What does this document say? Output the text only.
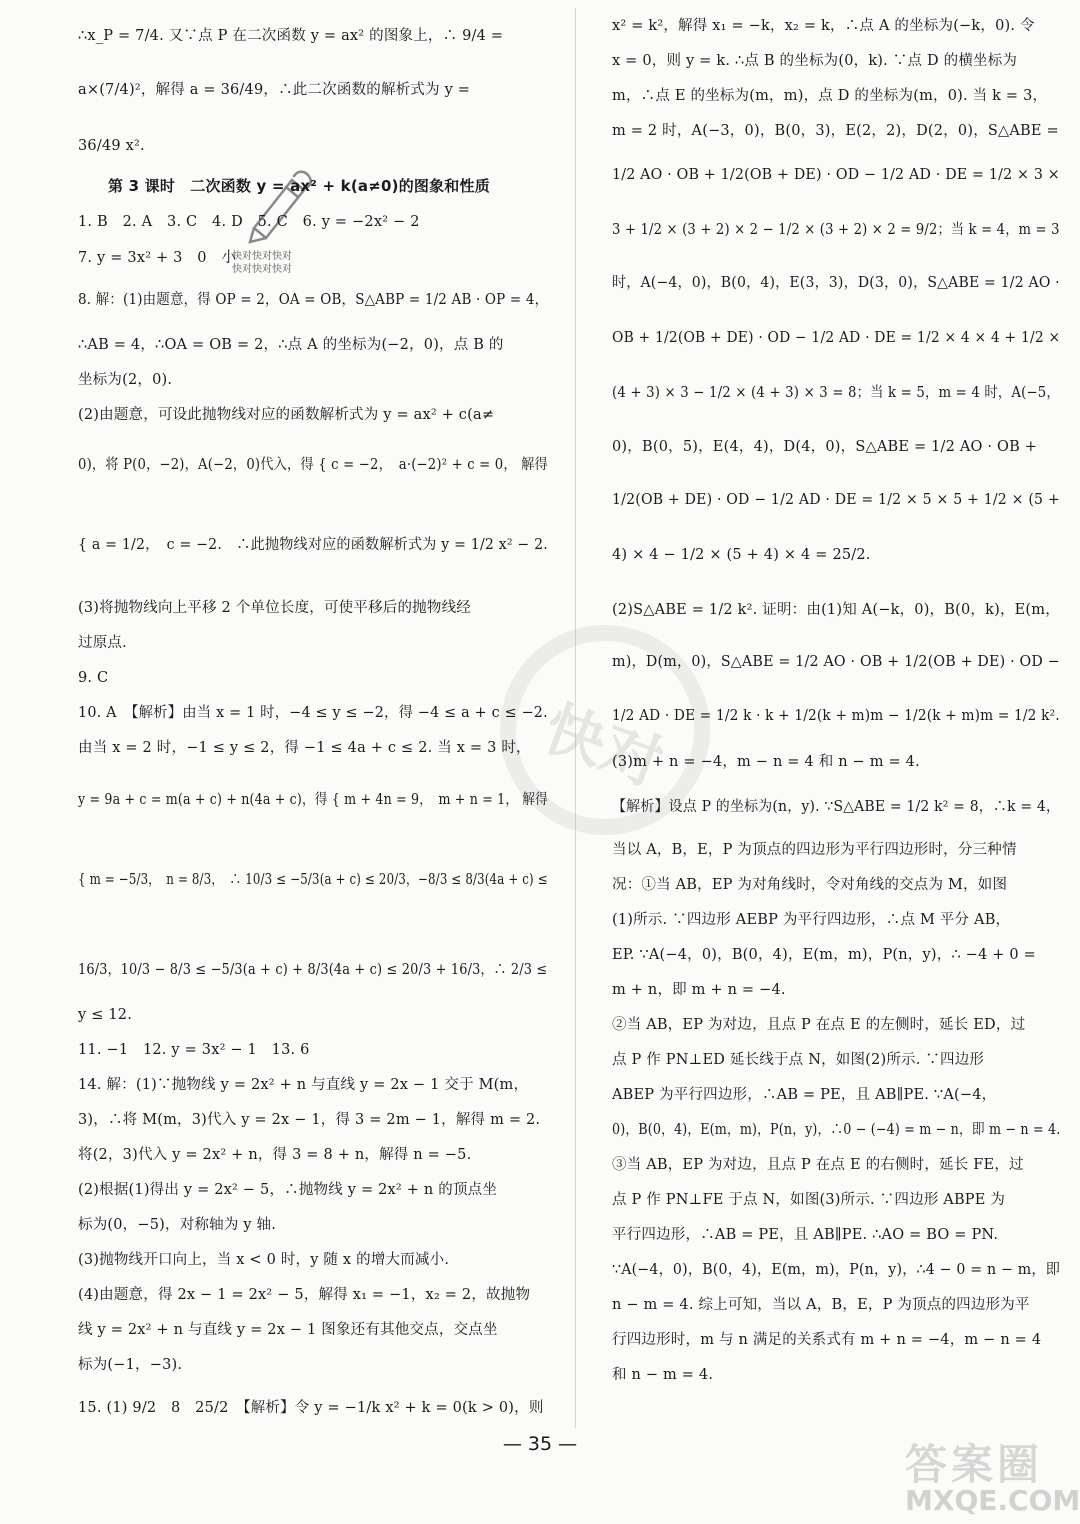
快对
快对快对快对
快对快对快对
∴x_P = 7/4. 又∵点 P 在二次函数 y = ax² 的图象上，∴ 9/4 =
a×(7/4)²，解得 a = 36/49，∴此二次函数的解析式为 y =
36/49 x².
第 3 课时　二次函数 y = ax² + k(a≠0)的图象和性质
1. B　2. A　3. C　4. D　5. C　6. y = −2x² − 2
7. y = 3x² + 3　0　小
8. 解：(1)由题意，得 OP = 2，OA = OB，S△ABP = 1/2 AB · OP = 4，
∴AB = 4，∴OA = OB = 2，∴点 A 的坐标为(−2，0)，点 B 的
坐标为(2，0).
(2)由题意，可设此抛物线对应的函数解析式为 y = ax² + c(a≠
0)，将 P(0，−2)，A(−2，0)代入，得 { c = −2，　a·(−2)² + c = 0， 解得
{ a = 1/2，　c = −2.　∴此抛物线对应的函数解析式为 y = 1/2 x² − 2.
(3)将抛物线向上平移 2 个单位长度，可使平移后的抛物线经
过原点.
9. C
10. A　【解析】由当 x = 1 时，−4 ≤ y ≤ −2，得 −4 ≤ a + c ≤ −2.
由当 x = 2 时，−1 ≤ y ≤ 2，得 −1 ≤ 4a + c ≤ 2. 当 x = 3 时，
y = 9a + c = m(a + c) + n(4a + c)，得 { m + 4n = 9，　m + n = 1， 解得
{ m = −5/3，　n = 8/3，　∴ 10/3 ≤ −5/3(a + c) ≤ 20/3，−8/3 ≤ 8/3(4a + c) ≤
16/3，10/3 − 8/3 ≤ −5/3(a + c) + 8/3(4a + c) ≤ 20/3 + 16/3，∴ 2/3 ≤
y ≤ 12.
11. −1　12. y = 3x² − 1　13. 6
14. 解：(1)∵抛物线 y = 2x² + n 与直线 y = 2x − 1 交于 M(m，
3)，∴将 M(m，3)代入 y = 2x − 1，得 3 = 2m − 1，解得 m = 2.
将(2，3)代入 y = 2x² + n，得 3 = 8 + n，解得 n = −5.
(2)根据(1)得出 y = 2x² − 5，∴抛物线 y = 2x² + n 的顶点坐
标为(0，−5)，对称轴为 y 轴.
(3)抛物线开口向上，当 x < 0 时，y 随 x 的增大而减小.
(4)由题意，得 2x − 1 = 2x² − 5，解得 x₁ = −1，x₂ = 2，故抛物
线 y = 2x² + n 与直线 y = 2x − 1 图象还有其他交点，交点坐
标为(−1，−3).
15. (1) 9/2　8　25/2　【解析】令 y = −1/k x² + k = 0(k > 0)，则
x² = k²，解得 x₁ = −k，x₂ = k，∴点 A 的坐标为(−k，0). 令
x = 0，则 y = k. ∴点 B 的坐标为(0，k). ∵点 D 的横坐标为
m，∴点 E 的坐标为(m，m)，点 D 的坐标为(m，0). 当 k = 3，
m = 2 时，A(−3，0)，B(0，3)，E(2，2)，D(2，0)，S△ABE =
1/2 AO · OB + 1/2(OB + DE) · OD − 1/2 AD · DE = 1/2 × 3 ×
3 + 1/2 × (3 + 2) × 2 − 1/2 × (3 + 2) × 2 = 9/2；当 k = 4，m = 3
时，A(−4，0)，B(0，4)，E(3，3)，D(3，0)，S△ABE = 1/2 AO ·
OB + 1/2(OB + DE) · OD − 1/2 AD · DE = 1/2 × 4 × 4 + 1/2 ×
(4 + 3) × 3 − 1/2 × (4 + 3) × 3 = 8；当 k = 5，m = 4 时，A(−5，
0)，B(0，5)，E(4，4)，D(4，0)，S△ABE = 1/2 AO · OB +
1/2(OB + DE) · OD − 1/2 AD · DE = 1/2 × 5 × 5 + 1/2 × (5 +
4) × 4 − 1/2 × (5 + 4) × 4 = 25/2.
(2)S△ABE = 1/2 k². 证明：由(1)知 A(−k，0)，B(0，k)，E(m，
m)，D(m，0)，S△ABE = 1/2 AO · OB + 1/2(OB + DE) · OD −
1/2 AD · DE = 1/2 k · k + 1/2(k + m)m − 1/2(k + m)m = 1/2 k².
(3)m + n = −4，m − n = 4 和 n − m = 4.
【解析】设点 P 的坐标为(n，y). ∵S△ABE = 1/2 k² = 8，∴k = 4，
当以 A，B，E，P 为顶点的四边形为平行四边形时，分三种情
况：①当 AB，EP 为对角线时，令对角线的交点为 M，如图
(1)所示. ∵四边形 AEBP 为平行四边形，∴点 M 平分 AB，
EP. ∵A(−4，0)，B(0，4)，E(m，m)，P(n，y)，∴ −4 + 0 =
m + n，即 m + n = −4.
②当 AB，EP 为对边，且点 P 在点 E 的左侧时，延长 ED，过
点 P 作 PN⊥ED 延长线于点 N，如图(2)所示. ∵四边形
ABEP 为平行四边形，∴AB = PE，且 AB∥PE. ∵A(−4，
0)，B(0，4)，E(m，m)，P(n，y)，∴0 − (−4) = m − n，即 m − n = 4.
③当 AB，EP 为对边，且点 P 在点 E 的右侧时，延长 FE，过
点 P 作 PN⊥FE 于点 N，如图(3)所示. ∵四边形 ABPE 为
平行四边形，∴AB = PE，且 AB∥PE. ∴AO = BO = PN.
∵A(−4，0)，B(0，4)，E(m，m)，P(n，y)，∴4 − 0 = n − m，即
n − m = 4. 综上可知，当以 A，B，E，P 为顶点的四边形为平
行四边形时，m 与 n 满足的关系式有 m + n = −4，m − n = 4
和 n − m = 4.
— 35 —	答案圈
MXQE.COM
